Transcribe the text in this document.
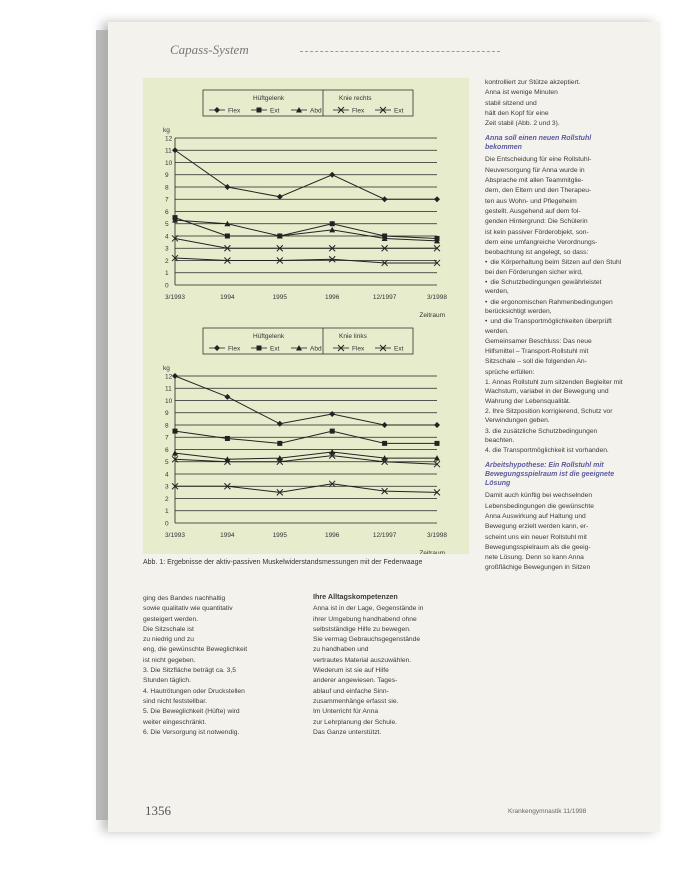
Capass-System
Hüftgelenk	Knie rechts
Flex	Ext	Abd	Flex	Ext
kg
0
1
2
3
4
5
6
7
8
9
10
11
12
3/1993	1994	1995	1996	12/1997	3/1998
Zeitraum
Hüftgelenk	Knie links
Flex	Ext	Abd	Flex	Ext
kg
0
1
2
3
4
5
6
7
8
9
10
11
12
3/1993	1994	1995	1996	12/1997	3/1998
Zeitraum
Abb. 1: Ergebnisse der aktiv-passiven Muskelwiderstandsmessungen mit der Federwaage

ging des Bandes nachhaltig

sowie qualitativ wie quantitativ

gesteigert werden.

Die Sitzschale ist

zu niedrig und zu

eng, die gewünschte Beweglichkeit

ist nicht gegeben.

3. Die Sitzfläche beträgt ca. 3,5

Stunden täglich.

4. Hautrötungen oder Druckstellen

sind nicht feststellbar.

5. Die Beweglichkeit (Hüfte) wird

weiter eingeschränkt.

6. Die Versorgung ist notwendig.

Ihre Alltagskompetenzen

Anna ist in der Lage, Gegenstände in

ihrer Umgebung handhabend ohne

selbstständige Hilfe zu bewegen.

Sie vermag Gebrauchsgegenstände

zu handhaben und

vertrautes Material auszuwählen.

Wiederum ist sie auf Hilfe

anderer angewiesen. Tages-

ablauf und einfache Sinn-

zusammenhänge erfasst sie.

Im Unterricht für Anna

zur Lehrplanung der Schule.

Das Ganze unterstützt.

kontrolliert zur Stütze akzeptiert.

Anna ist wenige Minuten

stabil sitzend und

hält den Kopf für eine

Zeit stabil (Abb. 2 und 3).

Anna soll einen neuen Rollstuhl bekommen

Die Entscheidung für eine Rollstuhl-

Neuversorgung für Anna wurde in

Absprache mit allen Teammitglie-

dern, den Eltern und den Therapeu-

ten aus Wohn- und Pflegeheim

gestellt. Ausgehend auf dem fol-

genden Hintergrund: Die Schülerin

ist kein passiver Förderobjekt, son-

dern eine umfangreiche Verordnungs-

beobachtung ist angelegt, so dass:

• die Körperhaltung beim Sitzen auf den Stuhl bei den Förderungen sicher wird,

• die Schutzbedingungen gewährleistet werden,

• die ergonomischen Rahmenbedingungen berücksichtigt werden,

• und die Transportmöglichkeiten überprüft werden.

Gemeinsamer Beschluss: Das neue

Hilfsmittel – Transport-Rollstuhl mit

Sitzschale – soll die folgenden An-

sprüche erfüllen:

1. Annas Rollstuhl zum sitzenden Begleiter mit Wachstum, variabel in der Bewegung und Wahrung der Lebensqualität.

2. Ihre Sitzposition korrigierend, Schutz vor Verwindungen geben.

3. die zusätzliche Schutzbedingungen beachten.

4. die Transportmöglichkeit ist vorhanden.

Arbeitshypothese: Ein Rollstuhl mit Bewegungsspielraum ist die geeignete Lösung

Damit auch künftig bei wechselnden

Lebensbedingungen die gewünschte

Anna Auswirkung auf Haltung und

Bewegung erzielt werden kann, er-

scheint uns ein neuer Rollstuhl mit

Bewegungsspielraum als die geeig-

nete Lösung. Denn so kann Anna

großflächige Bewegungen in Sitzen

1356	Krankengymnastik 11/1998
